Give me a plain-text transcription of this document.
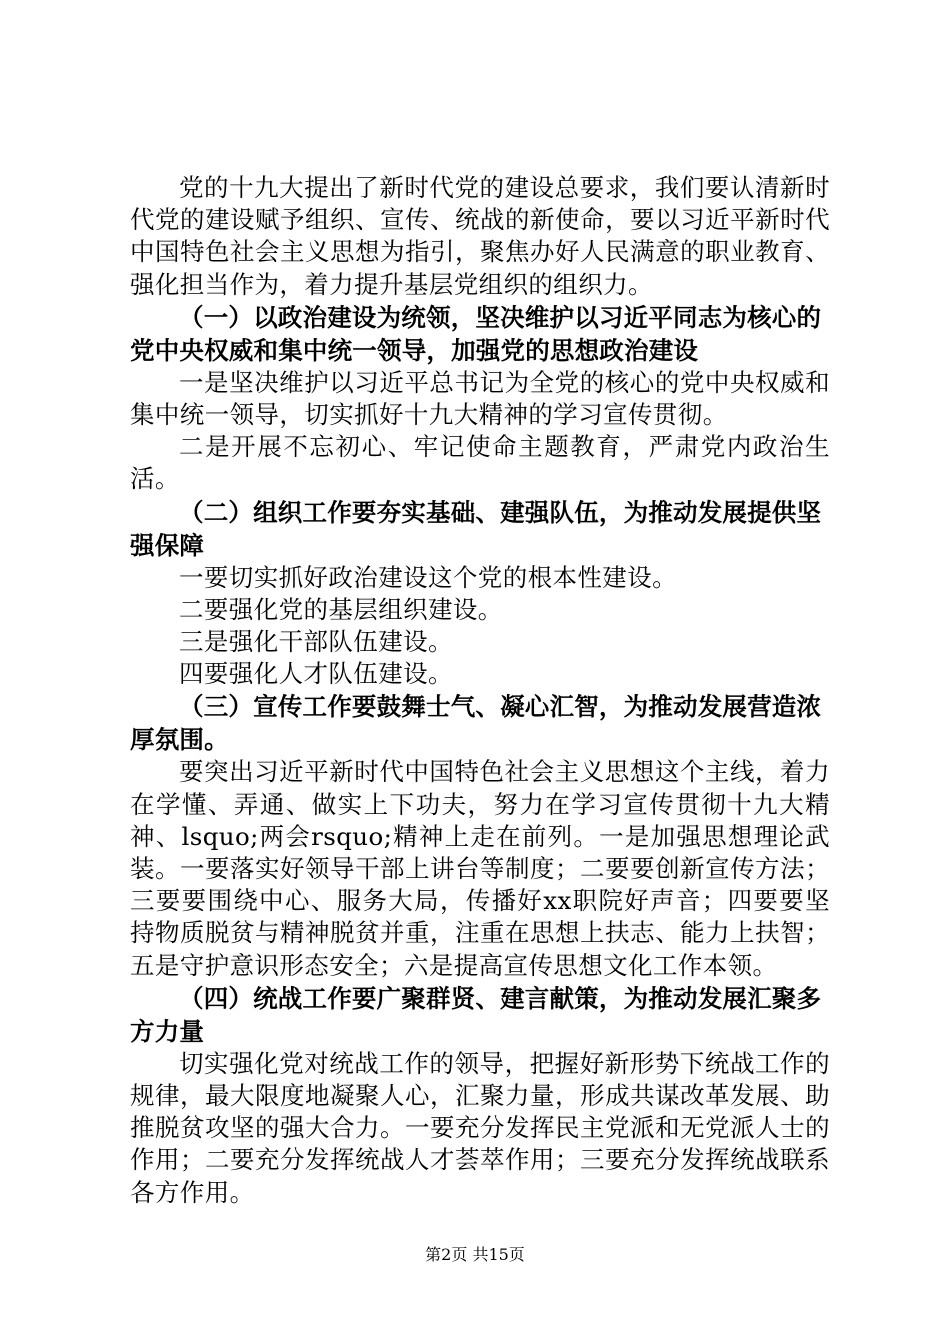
党的十九大提出了新时代党的建设总要求，我们要认清新时代党的建设赋予组织、宣传、统战的新使命，要以习近平新时代中国特色社会主义思想为指引，聚焦办好人民满意的职业教育、强化担当作为，着力提升基层党组织的组织力。

（一）以政治建设为统领，坚决维护以习近平同志为核心的党中央权威和集中统一领导，加强党的思想政治建设

一是坚决维护以习近平总书记为全党的核心的党中央权威和集中统一领导，切实抓好十九大精神的学习宣传贯彻。

二是开展不忘初心、牢记使命主题教育，严肃党内政治生活。

（二）组织工作要夯实基础、建强队伍，为推动发展提供坚强保障

一要切实抓好政治建设这个党的根本性建设。

二要强化党的基层组织建设。

三是强化干部队伍建设。

四要强化人才队伍建设。

（三）宣传工作要鼓舞士气、凝心汇智，为推动发展营造浓厚氛围。

要突出习近平新时代中国特色社会主义思想这个主线，着力在学懂、弄通、做实上下功夫，努力在学习宣传贯彻十九大精神、lsquo;两会rsquo;精神上走在前列。一是加强思想理论武装。一要落实好领导干部上讲台等制度；二要要创新宣传方法；三要要围绕中心、服务大局，传播好xx职院好声音；四要要坚持物质脱贫与精神脱贫并重，注重在思想上扶志、能力上扶智；五是守护意识形态安全；六是提高宣传思想文化工作本领。

（四）统战工作要广聚群贤、建言献策，为推动发展汇聚多方力量

切实强化党对统战工作的领导，把握好新形势下统战工作的规律，最大限度地凝聚人心，汇聚力量，形成共谋改革发展、助推脱贫攻坚的强大合力。一要充分发挥民主党派和无党派人士的作用；二要充分发挥统战人才荟萃作用；三要充分发挥统战联系各方作用。

第2页 共15页
